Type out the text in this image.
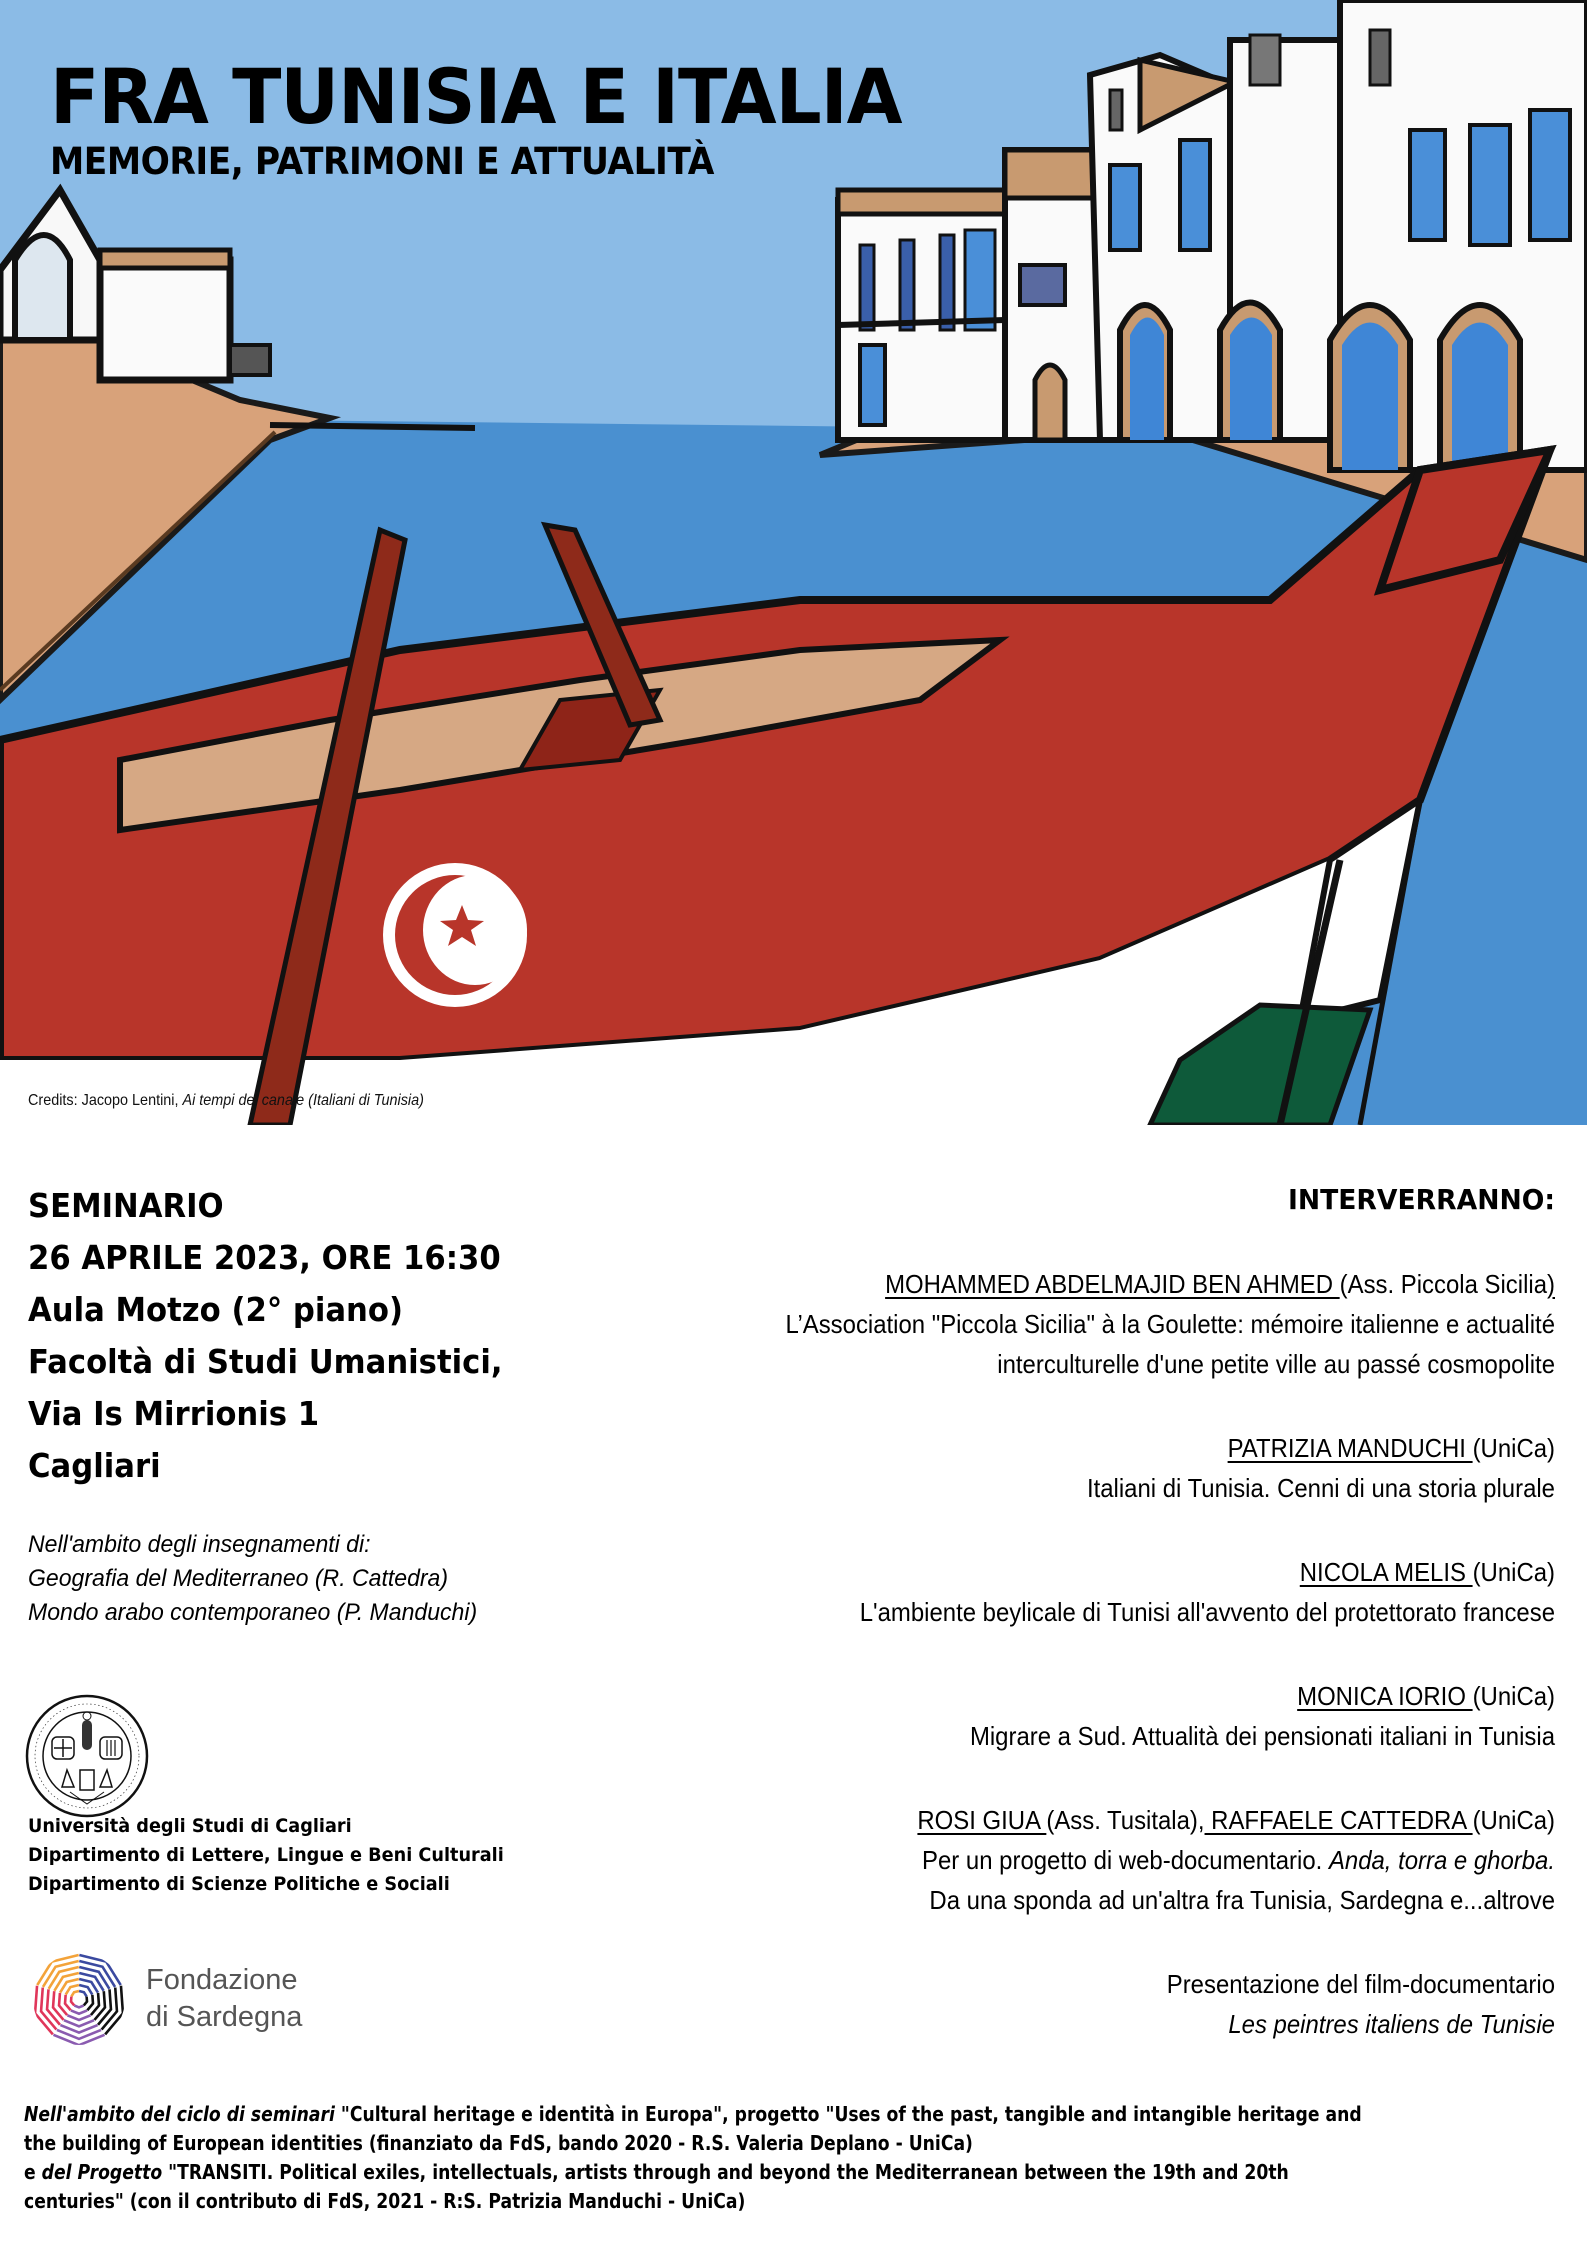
FRA TUNISIA E ITALIA
MEMORIE, PATRIMONI E ATTUALITÀ
Credits: Jacopo Lentini, Ai tempi del canale (Italiani di Tunisia)
SEMINARIO
26 APRILE 2023, ORE 16:30
Aula Motzo (2° piano)
Facoltà di Studi Umanistici,
Via Is Mirrionis 1
Cagliari
Nell'ambito degli insegnamenti di:
Geografia del Mediterraneo (R. Cattedra)
Mondo arabo contemporaneo (P. Manduchi)
Università degli Studi di Cagliari
Dipartimento di Lettere, Lingue e Beni Culturali
Dipartimento di Scienze Politiche e Sociali
Fondazione
di Sardegna
INTERVERRANNO:
MOHAMMED ABDELMAJID BEN AHMED (Ass. Piccola Sicilia)
L’Association "Piccola Sicilia" à la Goulette: mémoire italienne e actualité
interculturelle d'une petite ville au passé cosmopolite
PATRIZIA MANDUCHI (UniCa)
Italiani di Tunisia. Cenni di una storia plurale
NICOLA MELIS (UniCa)
L'ambiente beylicale di Tunisi all'avvento del protettorato francese
MONICA IORIO (UniCa)
Migrare a Sud. Attualità dei pensionati italiani in Tunisia
ROSI GIUA (Ass. Tusitala), RAFFAELE CATTEDRA (UniCa)
Per un progetto di web-documentario. Anda, torra e ghorba.
Da una sponda ad un'altra fra Tunisia, Sardegna e...altrove
Presentazione del film-documentario
Les peintres italiens de Tunisie
Nell'ambito del ciclo di seminari "Cultural heritage e identità in Europa", progetto "Uses of the past, tangible and intangible heritage and
the building of European identities (finanziato da FdS, bando 2020 - R.S. Valeria Deplano - UniCa)
e del Progetto "TRANSITI. Political exiles, intellectuals, artists through and beyond the Mediterranean between the 19th and 20th
centuries" (con il contributo di FdS, 2021 - R:S. Patrizia Manduchi - UniCa)
